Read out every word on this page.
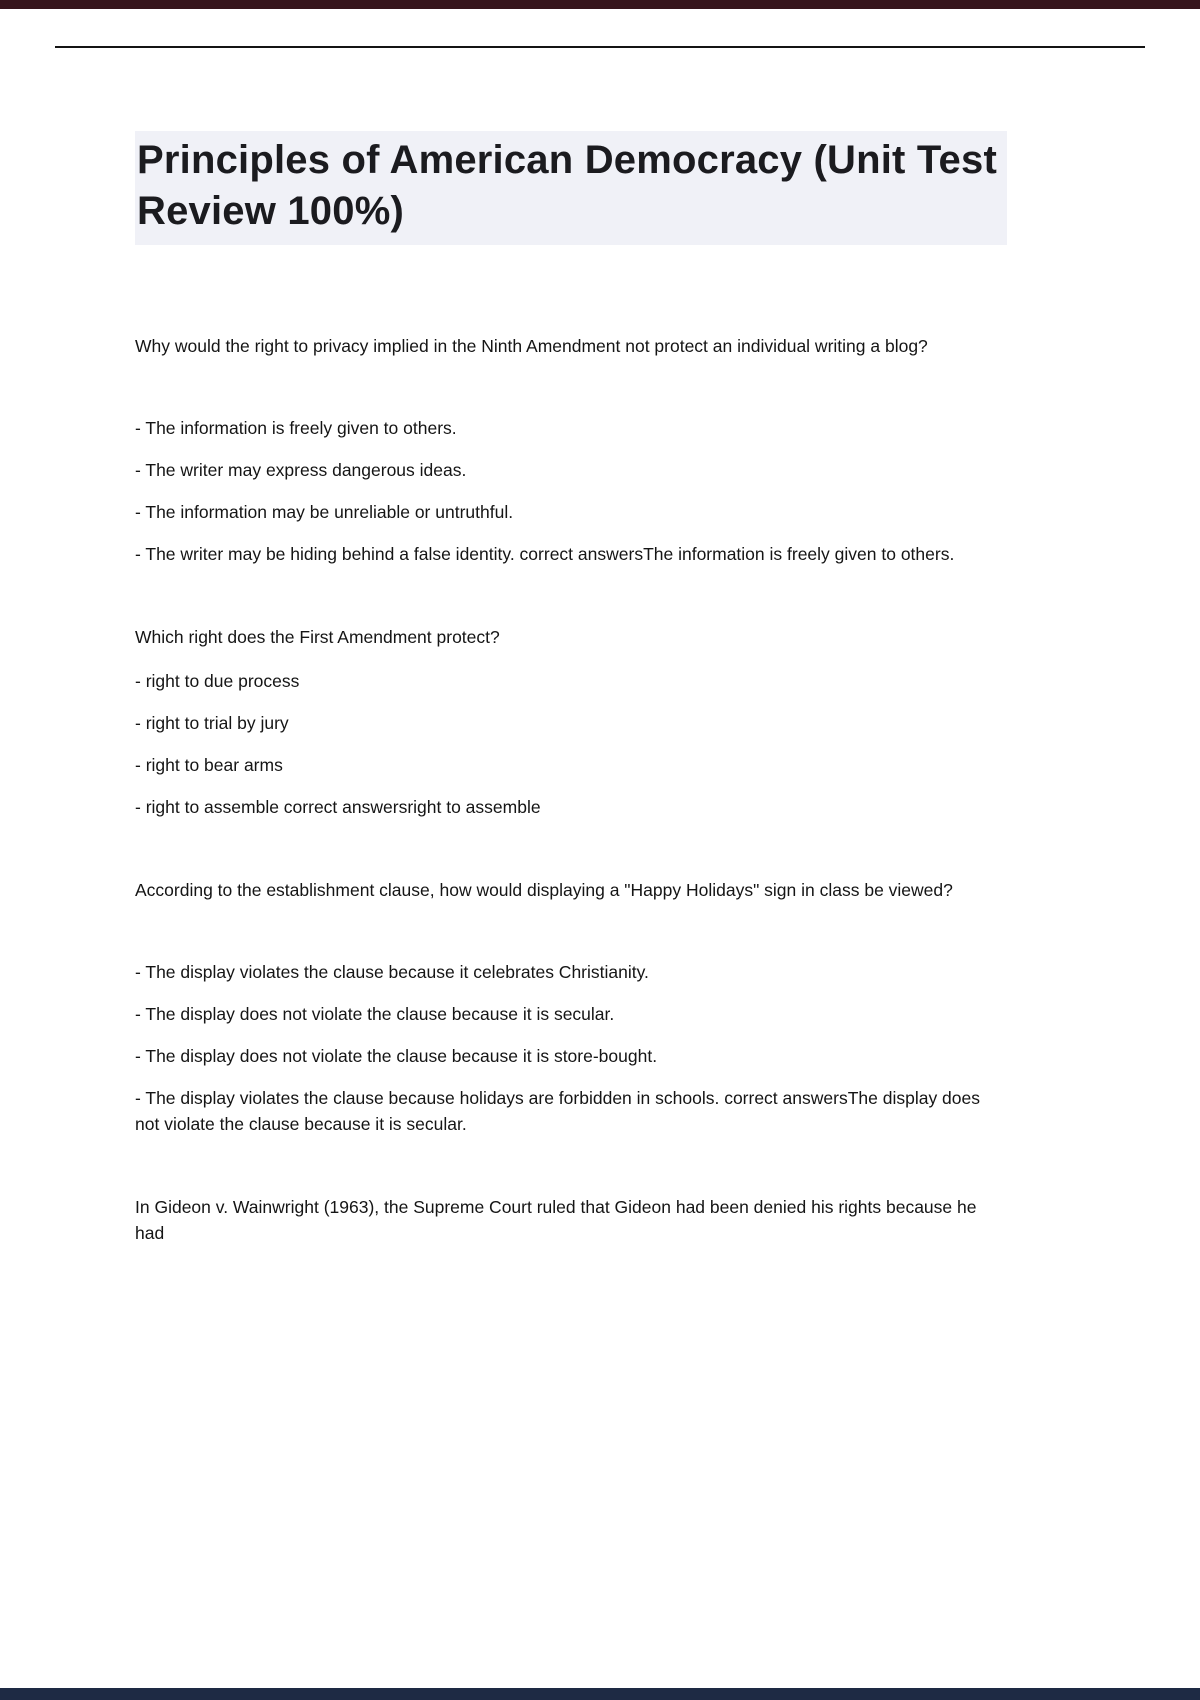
Principles of American Democracy (Unit Test Review 100%)

Why would the right to privacy implied in the Ninth Amendment not protect an individual writing a blog?

- The information is freely given to others.

- The writer may express dangerous ideas.

- The information may be unreliable or untruthful.

- The writer may be hiding behind a false identity. correct answersThe information is freely given to others.

Which right does the First Amendment protect?

- right to due process

- right to trial by jury

- right to bear arms

- right to assemble correct answersright to assemble

According to the establishment clause, how would displaying a "Happy Holidays" sign in class be viewed?

- The display violates the clause because it celebrates Christianity.

- The display does not violate the clause because it is secular.

- The display does not violate the clause because it is store-bought.

- The display violates the clause because holidays are forbidden in schools. correct answersThe display does not violate the clause because it is secular.

In Gideon v. Wainwright (1963), the Supreme Court ruled that Gideon had been denied his rights because he had
